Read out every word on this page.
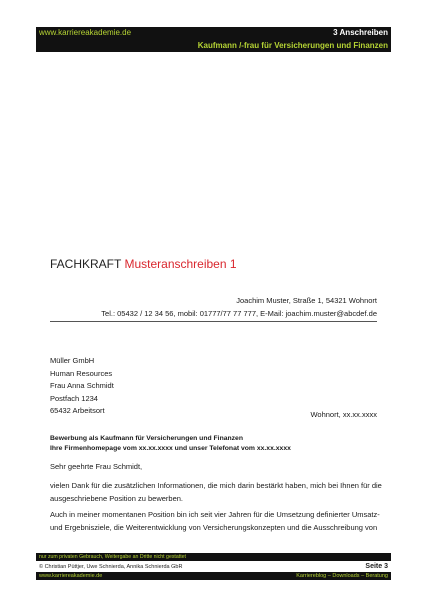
www.karriereakademie.de	3 Anschreiben
Kaufmann /-frau für Versicherungen und Finanzen
FACHKRAFT Musteranschreiben 1
Joachim Muster, Straße 1, 54321 Wohnort
Tel.: 05432 / 12 34 56, mobil: 01777/77 77 777, E-Mail: joachim.muster@abcdef.de
Müller GmbH
Human Resources
Frau Anna Schmidt
Postfach 1234
65432 Arbeitsort	Wohnort, xx.xx.xxxx
Bewerbung als Kaufmann für Versicherungen und Finanzen
Ihre Firmenhomepage vom xx.xx.xxxx und unser Telefonat vom xx.xx.xxxx
Sehr geehrte Frau Schmidt,
vielen Dank für die zusätzlichen Informationen, die mich darin bestärkt haben, mich bei Ihnen für die
ausgeschriebene Position zu bewerben.
Auch in meiner momentanen Position bin ich seit vier Jahren für die Umsetzung definierter Umsatz-
und Ergebnisziele, die Weiterentwicklung von Versicherungskonzepten und die Ausschreibung von
nur zum privaten Gebrauch, Weitergabe an Dritte nicht gestattet
© Christian Püttjer, Uwe Schnierda, Annika Schnierda GbR	Seite 3
www.karriereakademie.de	Karriereblog – Downloads – Beratung
